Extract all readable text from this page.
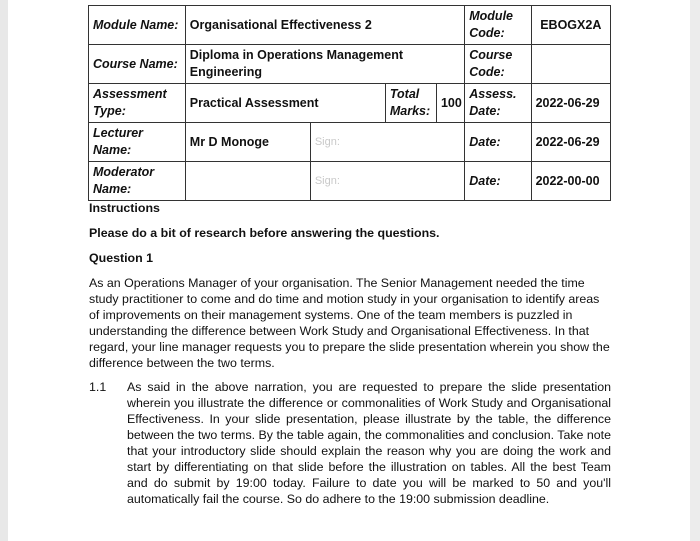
Module Name:	Organisational Effectiveness 2				Module Code:	EBOGX2A
Course Name:	Diploma in Operations Management Engineering				Course Code:	
Assessment Type:	Practical Assessment		Total Marks:	100	Assess. Date:	2022-06-29
Lecturer Name:	Mr D Monoge	Sign:			Date:	2022-06-29
Moderator Name:		Sign:			Date:	2022-00-00

Instructions

Please do a bit of research before answering the questions.

Question 1

As an Operations Manager of your organisation. The Senior Management needed the time study practitioner to come and do time and motion study in your organisation to identify areas of improvements on their management systems. One of the team members is puzzled in understanding the difference between Work Study and Organisational Effectiveness. In that regard, your line manager requests you to prepare the slide presentation wherein you show the difference between the two terms.

1.1	As said in the above narration, you are requested to prepare the slide presentation wherein you illustrate the difference or commonalities of Work Study and Organisational Effectiveness. In your slide presentation, please illustrate by the table, the difference between the two terms. By the table again, the commonalities and conclusion. Take note that your introductory slide should explain the reason why you are doing the work and start by differentiating on that slide before the illustration on tables. All the best Team and do submit by 19:00 today. Failure to date you will be marked to 50 and you'll automatically fail the course. So do adhere to the 19:00 submission deadline.
